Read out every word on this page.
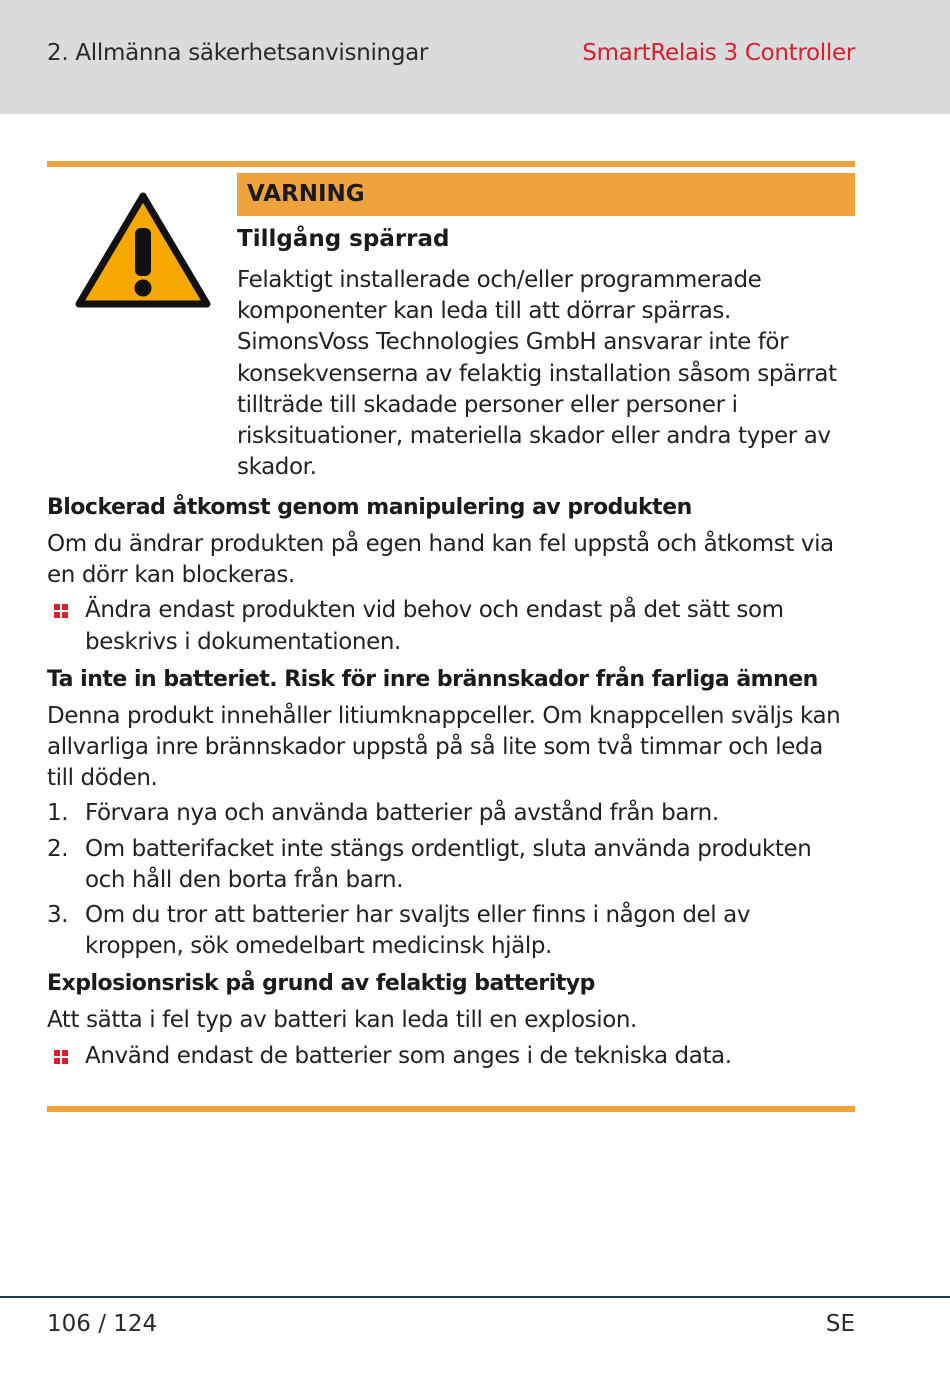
2. Allmänna säkerhetsanvisningar	SmartRelais 3 Controller
VARNING
Tillgång spärrad
Felaktigt installerade och/eller programmerade komponenter kan leda till att dörrar spärras. SimonsVoss Technologies GmbH ansvarar inte för konsekvenserna av felaktig installation såsom spärrat tillträde till skadade personer eller personer i risksituationer, materiella skador eller andra typer av skador.
Blockerad åtkomst genom manipulering av produkten

Om du ändrar produkten på egen hand kan fel uppstå och åtkomst via en dörr kan blockeras.

Ändra endast produkten vid behov och endast på det sätt som beskrivs i dokumentationen.
Ta inte in batteriet. Risk för inre brännskador från farliga ämnen

Denna produkt innehåller litiumknappceller. Om knappcellen sväljs kan allvarliga inre brännskador uppstå på så lite som två timmar och leda till döden.

1. Förvara nya och använda batterier på avstånd från barn.
2. Om batterifacket inte stängs ordentligt, sluta använda produkten och håll den borta från barn.
3. Om du tror att batterier har svaljts eller finns i någon del av kroppen, sök omedelbart medicinsk hjälp.
Explosionsrisk på grund av felaktig batterityp

Att sätta i fel typ av batteri kan leda till en explosion.

Använd endast de batterier som anges i de tekniska data.
106 / 124	SE
